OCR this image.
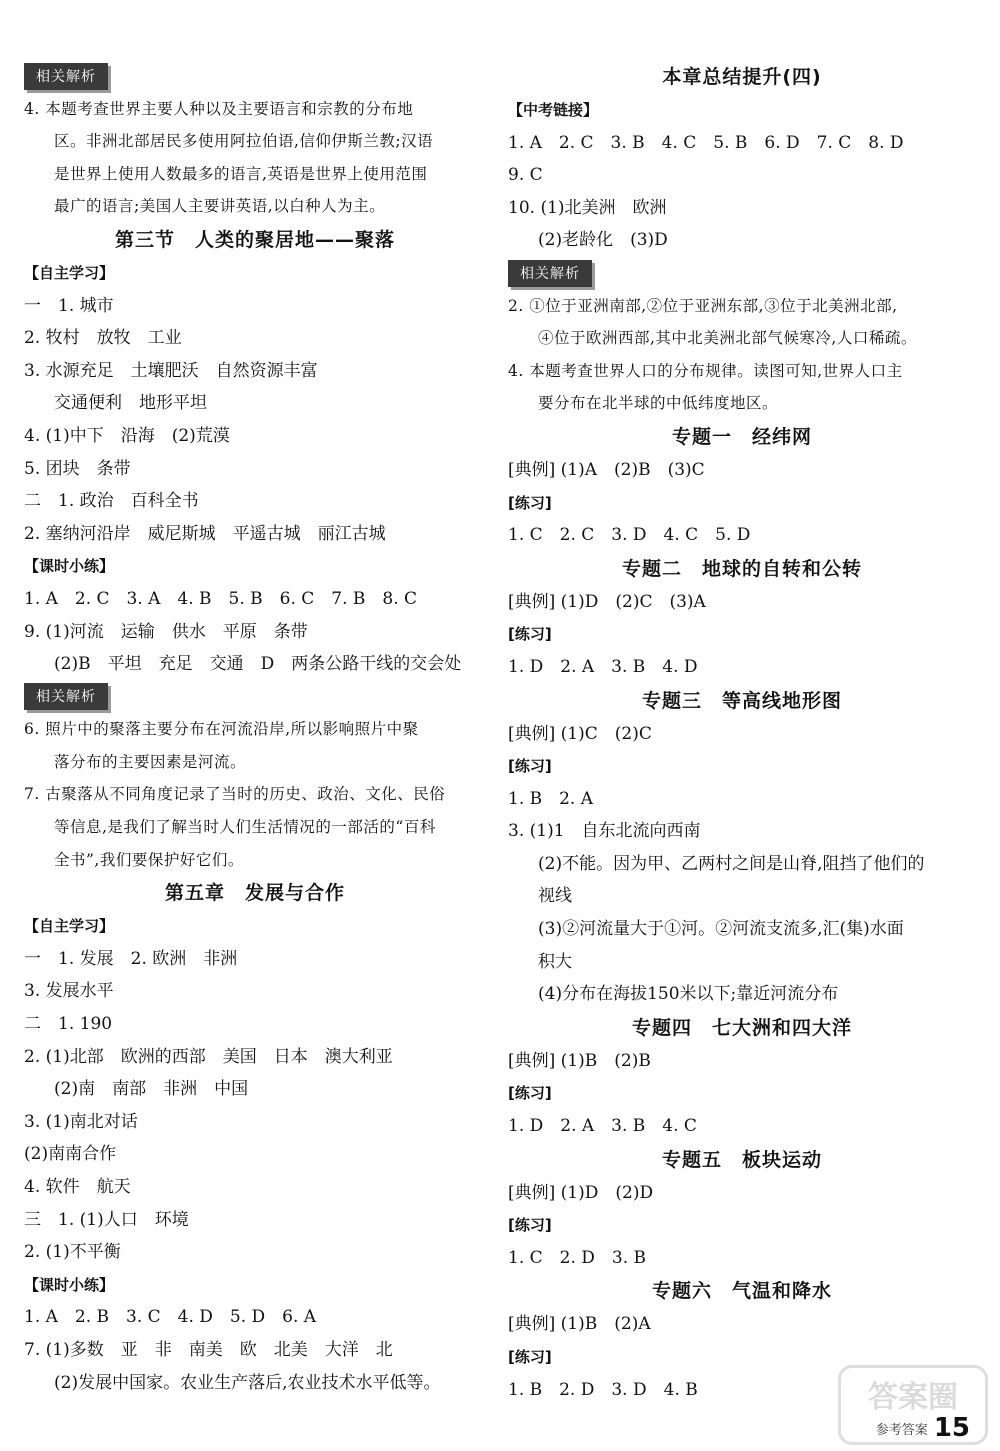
相关解析
4. 本题考查世界主要人种以及主要语言和宗教的分布地
区。非洲北部居民多使用阿拉伯语,信仰伊斯兰教;汉语
是世界上使用人数最多的语言,英语是世界上使用范围
最广的语言;美国人主要讲英语,以白种人为主。
第三节　人类的聚居地——聚落
【自主学习】
一　1. 城市
2. 牧村　放牧　工业
3. 水源充足　土壤肥沃　自然资源丰富
交通便利　地形平坦
4. (1)中下　沿海　(2)荒漠
5. 团块　条带
二　1. 政治　百科全书
2. 塞纳河沿岸　威尼斯城　平遥古城　丽江古城
【课时小练】
1. A　2. C　3. A　4. B　5. B　6. C　7. B　8. C
9. (1)河流　运输　供水　平原　条带
(2)B　平坦　充足　交通　D　两条公路干线的交会处
相关解析
6. 照片中的聚落主要分布在河流沿岸,所以影响照片中聚
落分布的主要因素是河流。
7. 古聚落从不同角度记录了当时的历史、政治、文化、民俗
等信息,是我们了解当时人们生活情况的一部活的“百科
全书”,我们要保护好它们。
第五章　发展与合作
【自主学习】
一　1. 发展　2. 欧洲　非洲
3. 发展水平
二　1. 190
2. (1)北部　欧洲的西部　美国　日本　澳大利亚
(2)南　南部　非洲　中国
3. (1)南北对话
(2)南南合作
4. 软件　航天
三　1. (1)人口　环境
2. (1)不平衡
【课时小练】
1. A　2. B　3. C　4. D　5. D　6. A
7. (1)多数　亚　非　南美　欧　北美　大洋　北
(2)发展中国家。农业生产落后,农业技术水平低等。
本章总结提升(四)
【中考链接】
1. A　2. C　3. B　4. C　5. B　6. D　7. C　8. D
9. C
10. (1)北美洲　欧洲
(2)老龄化　(3)D
相关解析
2. ①位于亚洲南部,②位于亚洲东部,③位于北美洲北部,
④位于欧洲西部,其中北美洲北部气候寒冷,人口稀疏。
4. 本题考查世界人口的分布规律。读图可知,世界人口主
要分布在北半球的中低纬度地区。
专题一　经纬网
[典例] (1)A　(2)B　(3)C
[练习]
1. C　2. C　3. D　4. C　5. D
专题二　地球的自转和公转
[典例] (1)D　(2)C　(3)A
[练习]
1. D　2. A　3. B　4. D
专题三　等高线地形图
[典例] (1)C　(2)C
[练习]
1. B　2. A
3. (1)1　自东北流向西南
(2)不能。因为甲、乙两村之间是山脊,阻挡了他们的
视线
(3)②河流量大于①河。②河流支流多,汇(集)水面
积大
(4)分布在海拔150米以下;靠近河流分布
专题四　七大洲和四大洋
[典例] (1)B　(2)B
[练习]
1. D　2. A　3. B　4. C
专题五　板块运动
[典例] (1)D　(2)D
[练习]
1. C　2. D　3. B
专题六　气温和降水
[典例] (1)B　(2)A
[练习]
1. B　2. D　3. D　4. B	答案圈
参考答案 15
